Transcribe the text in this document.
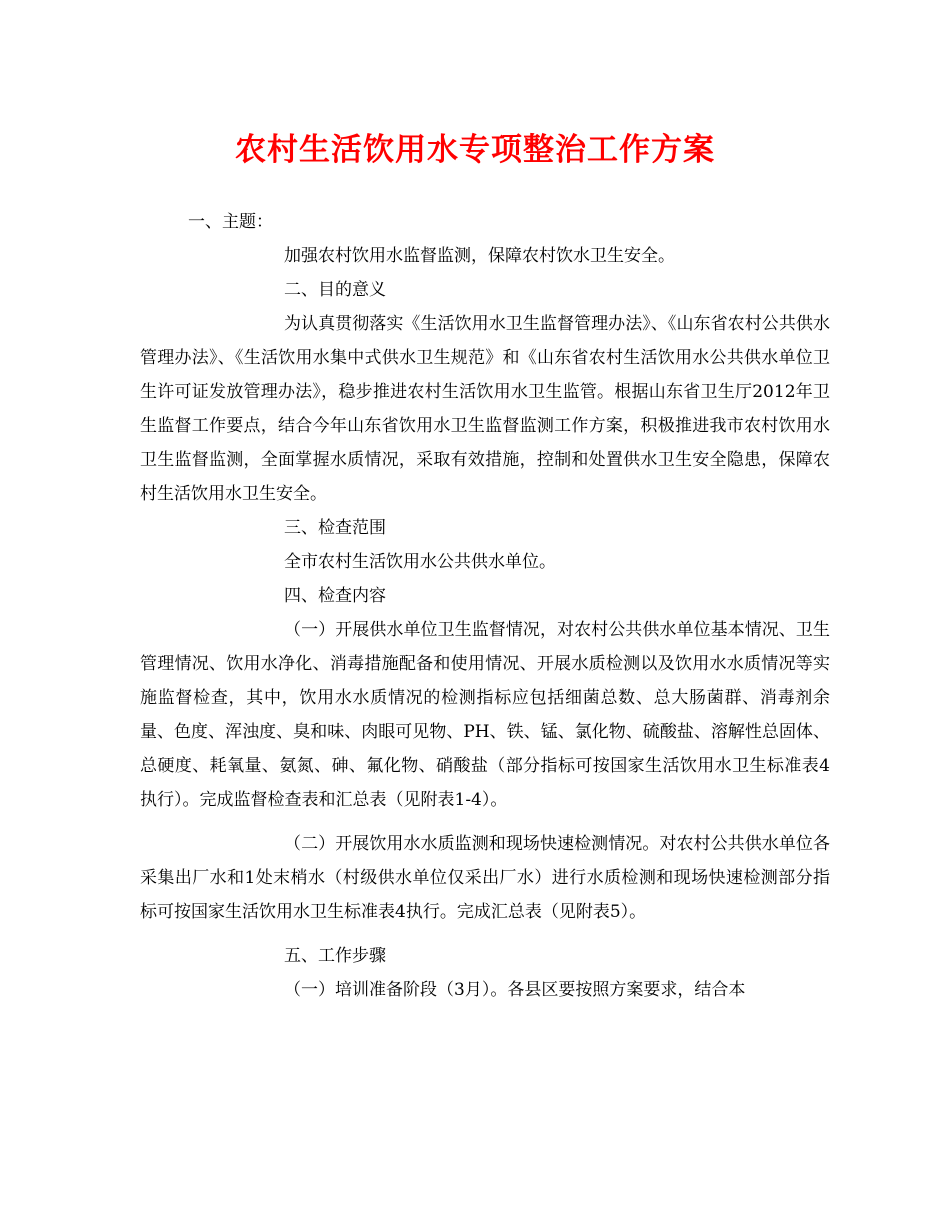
农村生活饮用水专项整治工作方案

一、主题：

加强农村饮用水监督监测，保障农村饮水卫生安全。

二、目的意义

为认真贯彻落实《生活饮用水卫生监督管理办法》、《山东省农村公共供水管理办法》、《生活饮用水集中式供水卫生规范》和《山东省农村生活饮用水公共供水单位卫生许可证发放管理办法》，稳步推进农村生活饮用水卫生监管。根据山东省卫生厅2012年卫生监督工作要点，结合今年山东省饮用水卫生监督监测工作方案，积极推进我市农村饮用水卫生监督监测，全面掌握水质情况，采取有效措施，控制和处置供水卫生安全隐患，保障农村生活饮用水卫生安全。

三、检查范围

全市农村生活饮用水公共供水单位。

四、检查内容

（一）开展供水单位卫生监督情况，对农村公共供水单位基本情况、卫生管理情况、饮用水净化、消毒措施配备和使用情况、开展水质检测以及饮用水水质情况等实施监督检查，其中，饮用水水质情况的检测指标应包括细菌总数、总大肠菌群、消毒剂余量、色度、浑浊度、臭和味、肉眼可见物、PH、铁、锰、氯化物、硫酸盐、溶解性总固体、总硬度、耗氧量、氨氮、砷、氟化物、硝酸盐（部分指标可按国家生活饮用水卫生标准表4执行）。完成监督检查表和汇总表（见附表1-4）。

（二）开展饮用水水质监测和现场快速检测情况。对农村公共供水单位各采集出厂水和1处末梢水（村级供水单位仅采出厂水）进行水质检测和现场快速检测部分指标可按国家生活饮用水卫生标准表4执行。完成汇总表（见附表5）。

五、工作步骤

（一）培训准备阶段（3月）。各县区要按照方案要求，结合本
